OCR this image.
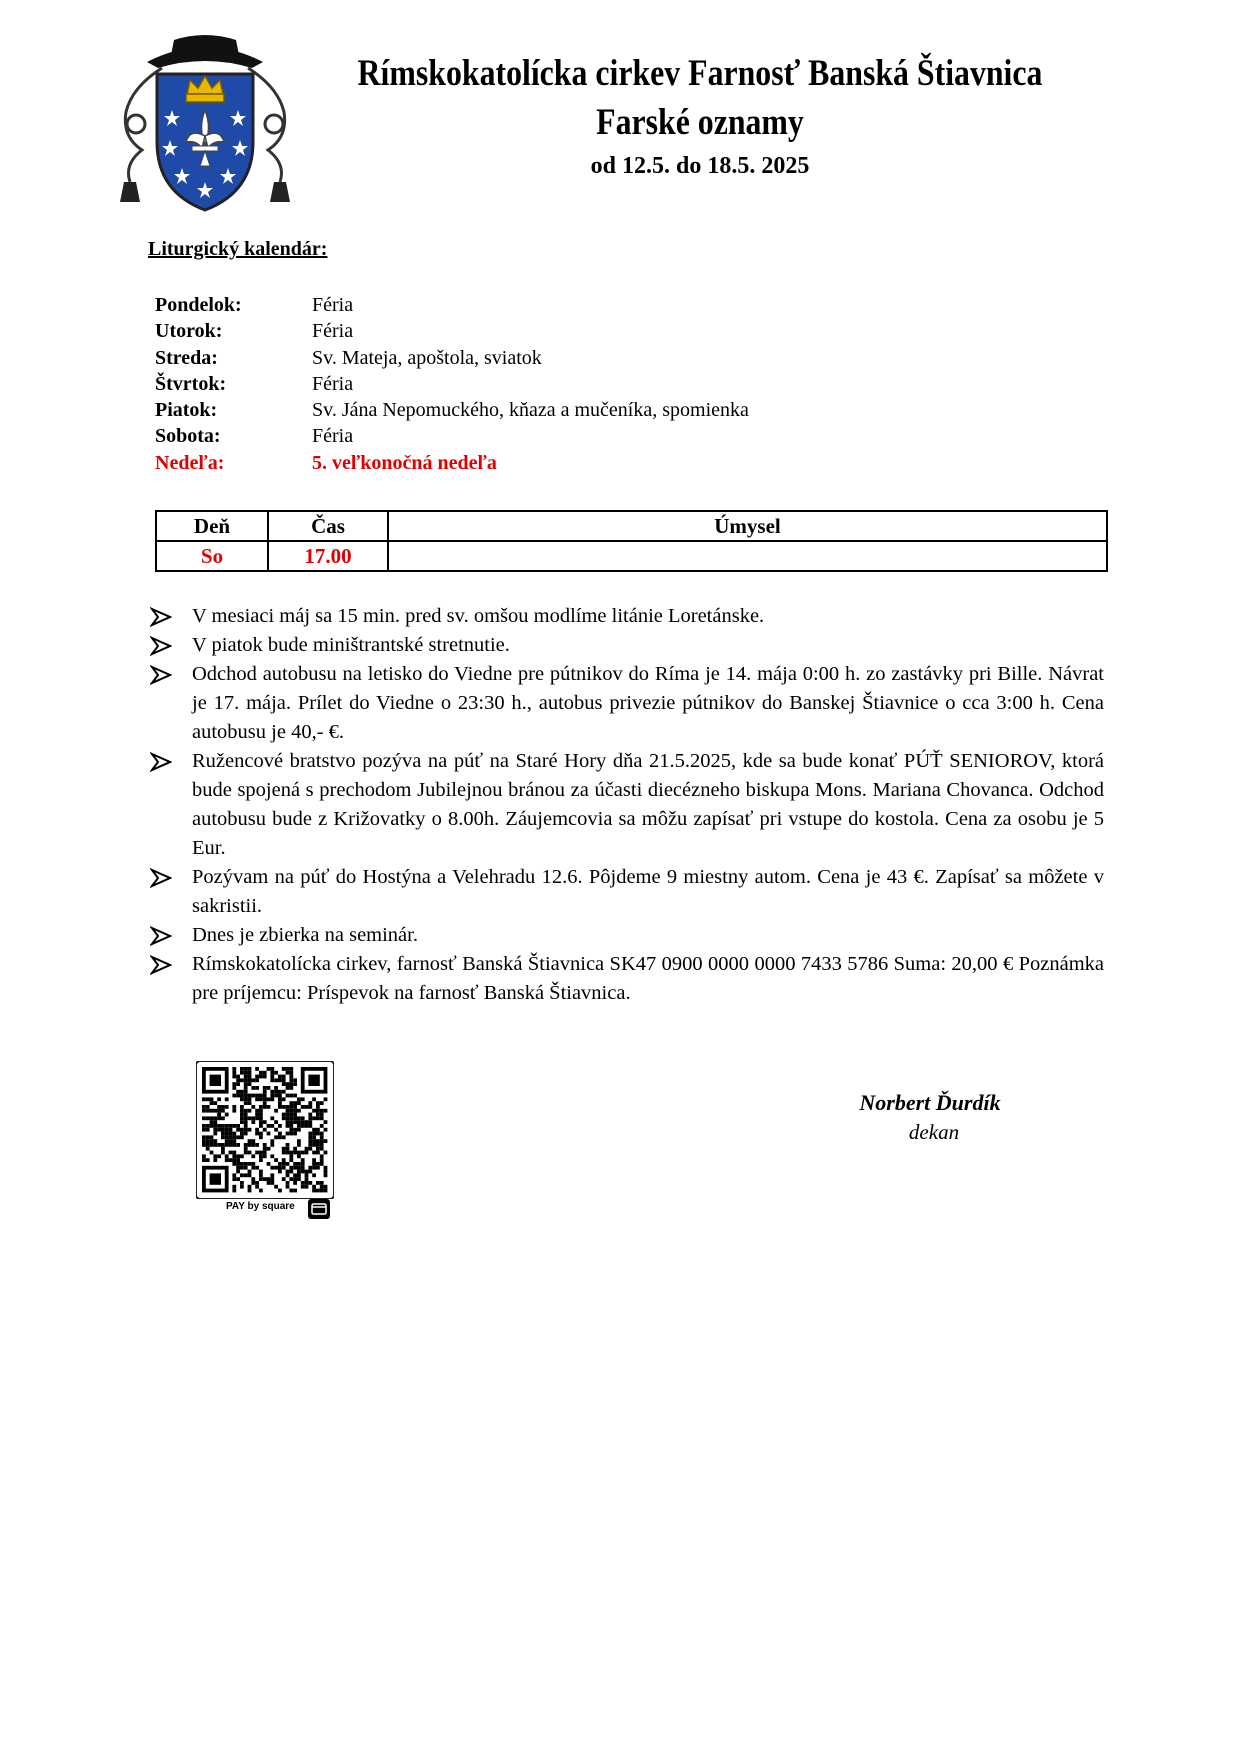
Rímskokatolícka cirkev Farnosť Banská Štiavnica
Farské oznamy
od 12.5. do 18.5. 2025
Liturgický kalendár:
Pondelok:	Féria
Utorok:	Féria
Streda:	Sv. Mateja, apoštola, sviatok
Štvrtok:	Féria
Piatok:	Sv. Jána Nepomuckého, kňaza a mučeníka, spomienka
Sobota:	Féria
Nedeľa:	5. veľkonočná nedeľa
Deň	Čas	Úmysel
So	17.00	
V mesiaci máj sa 15 min. pred sv. omšou modlíme litánie Loretánske.
V piatok bude miništrantské stretnutie.
Odchod autobusu na letisko do Viedne pre pútnikov do Ríma je 14. mája 0:00 h. zo zastávky pri Bille. Návrat je 17. mája. Prílet do Viedne o 23:30 h., autobus privezie pútnikov do Banskej Štiavnice o cca 3:00 h. Cena autobusu je 40,- €.
Ružencové bratstvo pozýva na púť na Staré Hory dňa 21.5.2025, kde sa bude konať PÚŤ SENIOROV, ktorá bude spojená s prechodom Jubilejnou bránou za účasti diecézneho biskupa Mons. Mariana Chovanca. Odchod autobusu bude z Križovatky o 8.00h. Záujemcovia sa môžu zapísať pri vstupe do kostola. Cena za osobu je 5 Eur.
Pozývam na púť do Hostýna a Velehradu 12.6. Pôjdeme 9 miestny autom. Cena je 43 €. Zapísať sa môžete v sakristii.
Dnes je zbierka na seminár.
Rímskokatolícka cirkev, farnosť Banská Štiavnica SK47 0900 0000 0000 7433 5786 Suma: 20,00 € Poznámka pre príjemcu: Príspevok na farnosť Banská Štiavnica.
PAY by square
Norbert Ďurdík
dekan
